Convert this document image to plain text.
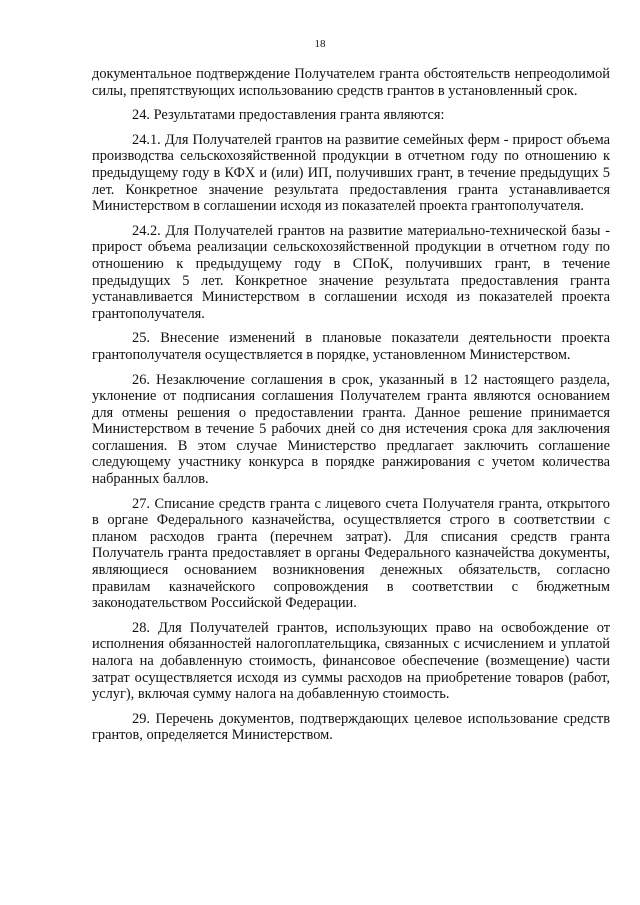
18

документальное подтверждение Получателем гранта обстоятельств непреодолимой силы, препятствующих использованию средств грантов в установленный срок.

24. Результатами предоставления гранта являются:

24.1. Для Получателей грантов на развитие семейных ферм - прирост объема производства сельскохозяйственной продукции в отчетном году по отношению к предыдущему году в КФХ и (или) ИП, получивших грант, в течение предыдущих 5 лет. Конкретное значение результата предоставления гранта устанавливается Министерством в соглашении исходя из показателей проекта грантополучателя.

24.2. Для Получателей грантов на развитие материально-технической базы - прирост объема реализации сельскохозяйственной продукции в отчетном году по отношению к предыдущему году в СПоК, получивших грант, в течение предыдущих 5 лет. Конкретное значение результата предоставления гранта устанавливается Министерством в соглашении исходя из показателей проекта грантополучателя.

25. Внесение изменений в плановые показатели деятельности проекта грантополучателя осуществляется в порядке, установленном Министерством.

26. Незаключение соглашения в срок, указанный в 12 настоящего раздела, уклонение от подписания соглашения Получателем гранта являются основанием для отмены решения о предоставлении гранта. Данное решение принимается Министерством в течение 5 рабочих дней со дня истечения срока для заключения соглашения. В этом случае Министерство предлагает заключить соглашение следующему участнику конкурса в порядке ранжирования с учетом количества набранных баллов.

27. Списание средств гранта с лицевого счета Получателя гранта, открытого в органе Федерального казначейства, осуществляется строго в соответствии с планом расходов гранта (перечнем затрат). Для списания средств гранта Получатель гранта предоставляет в органы Федерального казначейства документы, являющиеся основанием возникновения денежных обязательств, согласно правилам казначейского сопровождения в соответствии с бюджетным законодательством Российской Федерации.

28. Для Получателей грантов, использующих право на освобождение от исполнения обязанностей налогоплательщика, связанных с исчислением и уплатой налога на добавленную стоимость, финансовое обеспечение (возмещение) части затрат осуществляется исходя из суммы расходов на приобретение товаров (работ, услуг), включая сумму налога на добавленную стоимость.

29. Перечень документов, подтверждающих целевое использование средств грантов, определяется Министерством.
